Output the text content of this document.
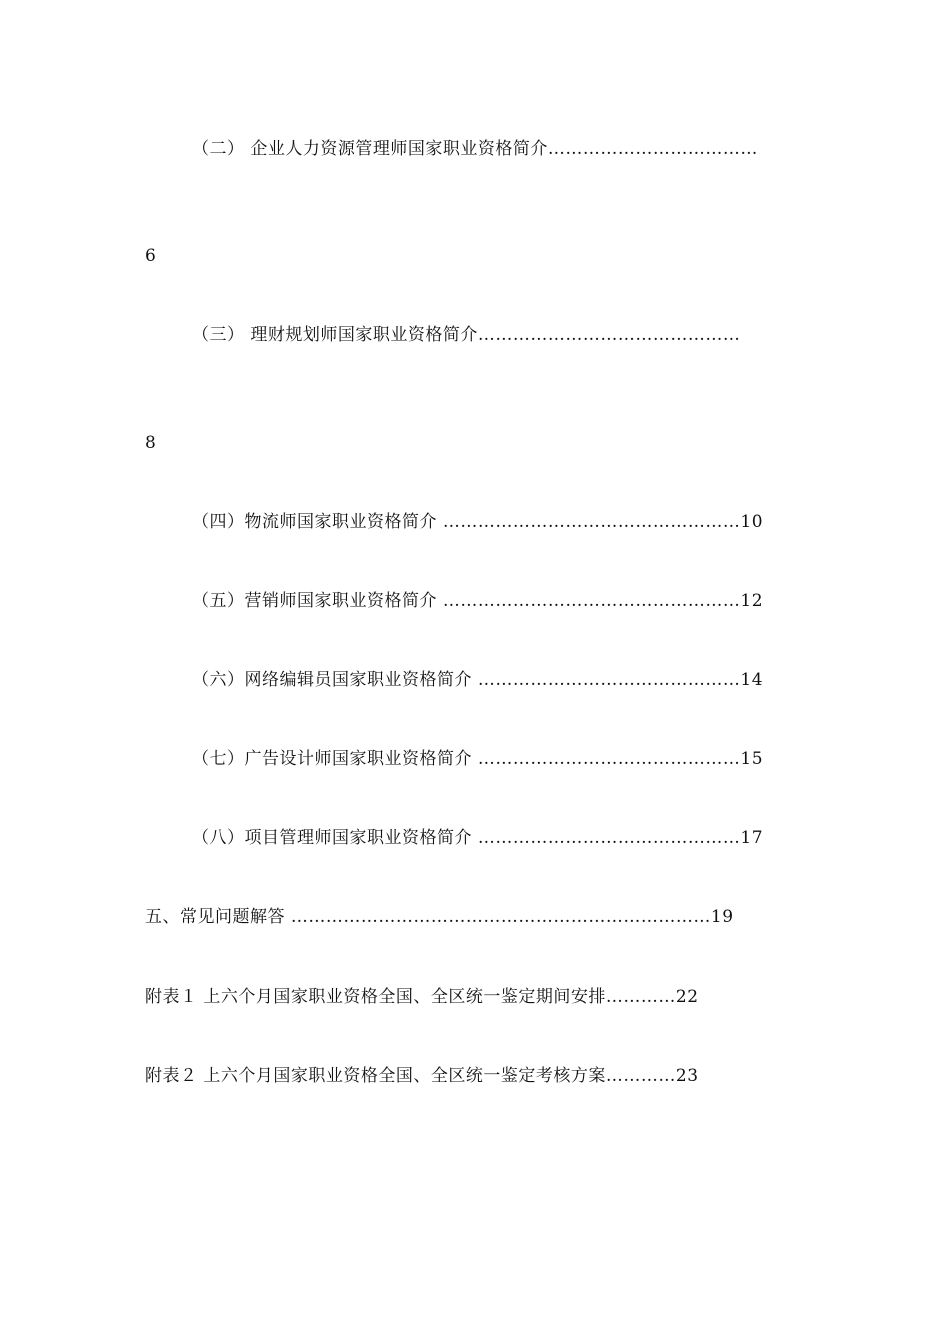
（二） 企业人力资源管理师国家职业资格简介………………………………
6
（三） 理财规划师国家职业资格简介………………………………………
8
（四）物流师国家职业资格简介 ……………………………………………10
（五）营销师国家职业资格简介 ……………………………………………12
（六）网络编辑员国家职业资格简介 ………………………………………14
（七）广告设计师国家职业资格简介 ………………………………………15
（八）项目管理师国家职业资格简介 ………………………………………17
五、常见问题解答 ………………………………………………………………19
附表１ 上六个月国家职业资格全国、全区统一鉴定期间安排…………22
附表２ 上六个月国家职业资格全国、全区统一鉴定考核方案…………23
